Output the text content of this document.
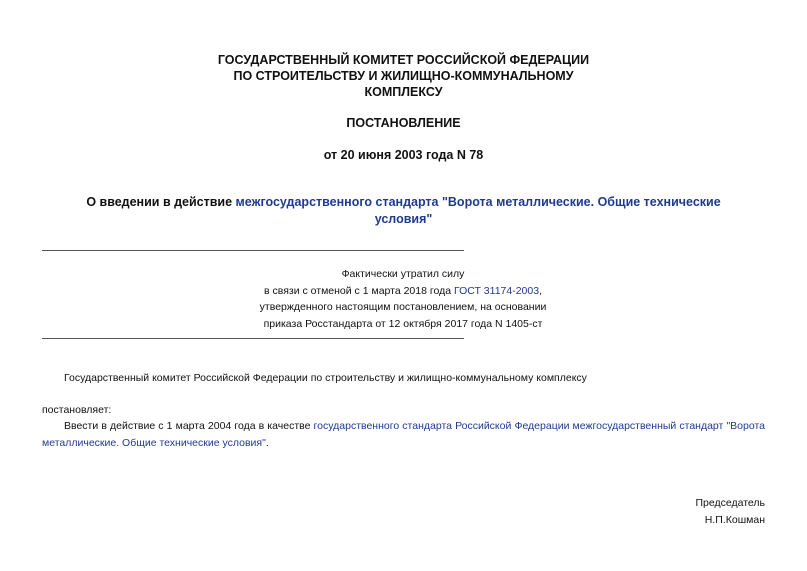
ГОСУДАРСТВЕННЫЙ КОМИТЕТ РОССИЙСКОЙ ФЕДЕРАЦИИ
ПО СТРОИТЕЛЬСТВУ И ЖИЛИЩНО-КОММУНАЛЬНОМУ
КОМПЛЕКСУ
ПОСТАНОВЛЕНИЕ
от 20 июня 2003 года N 78
О введении в действие межгосударственного стандарта "Ворота металлические. Общие технические условия"
Фактически утратил силу
в связи с отменой с 1 марта 2018 года ГОСТ 31174-2003,
утвержденного настоящим постановлением, на основании
приказа Росстандарта от 12 октября 2017 года N 1405-ст
Государственный комитет Российской Федерации по строительству и жилищно-коммунальному комплексу
постановляет:
Ввести в действие с 1 марта 2004 года в качестве государственного стандарта Российской Федерации межгосударственный стандарт "Ворота металлические. Общие технические условия".
Председатель
Н.П.Кошман
